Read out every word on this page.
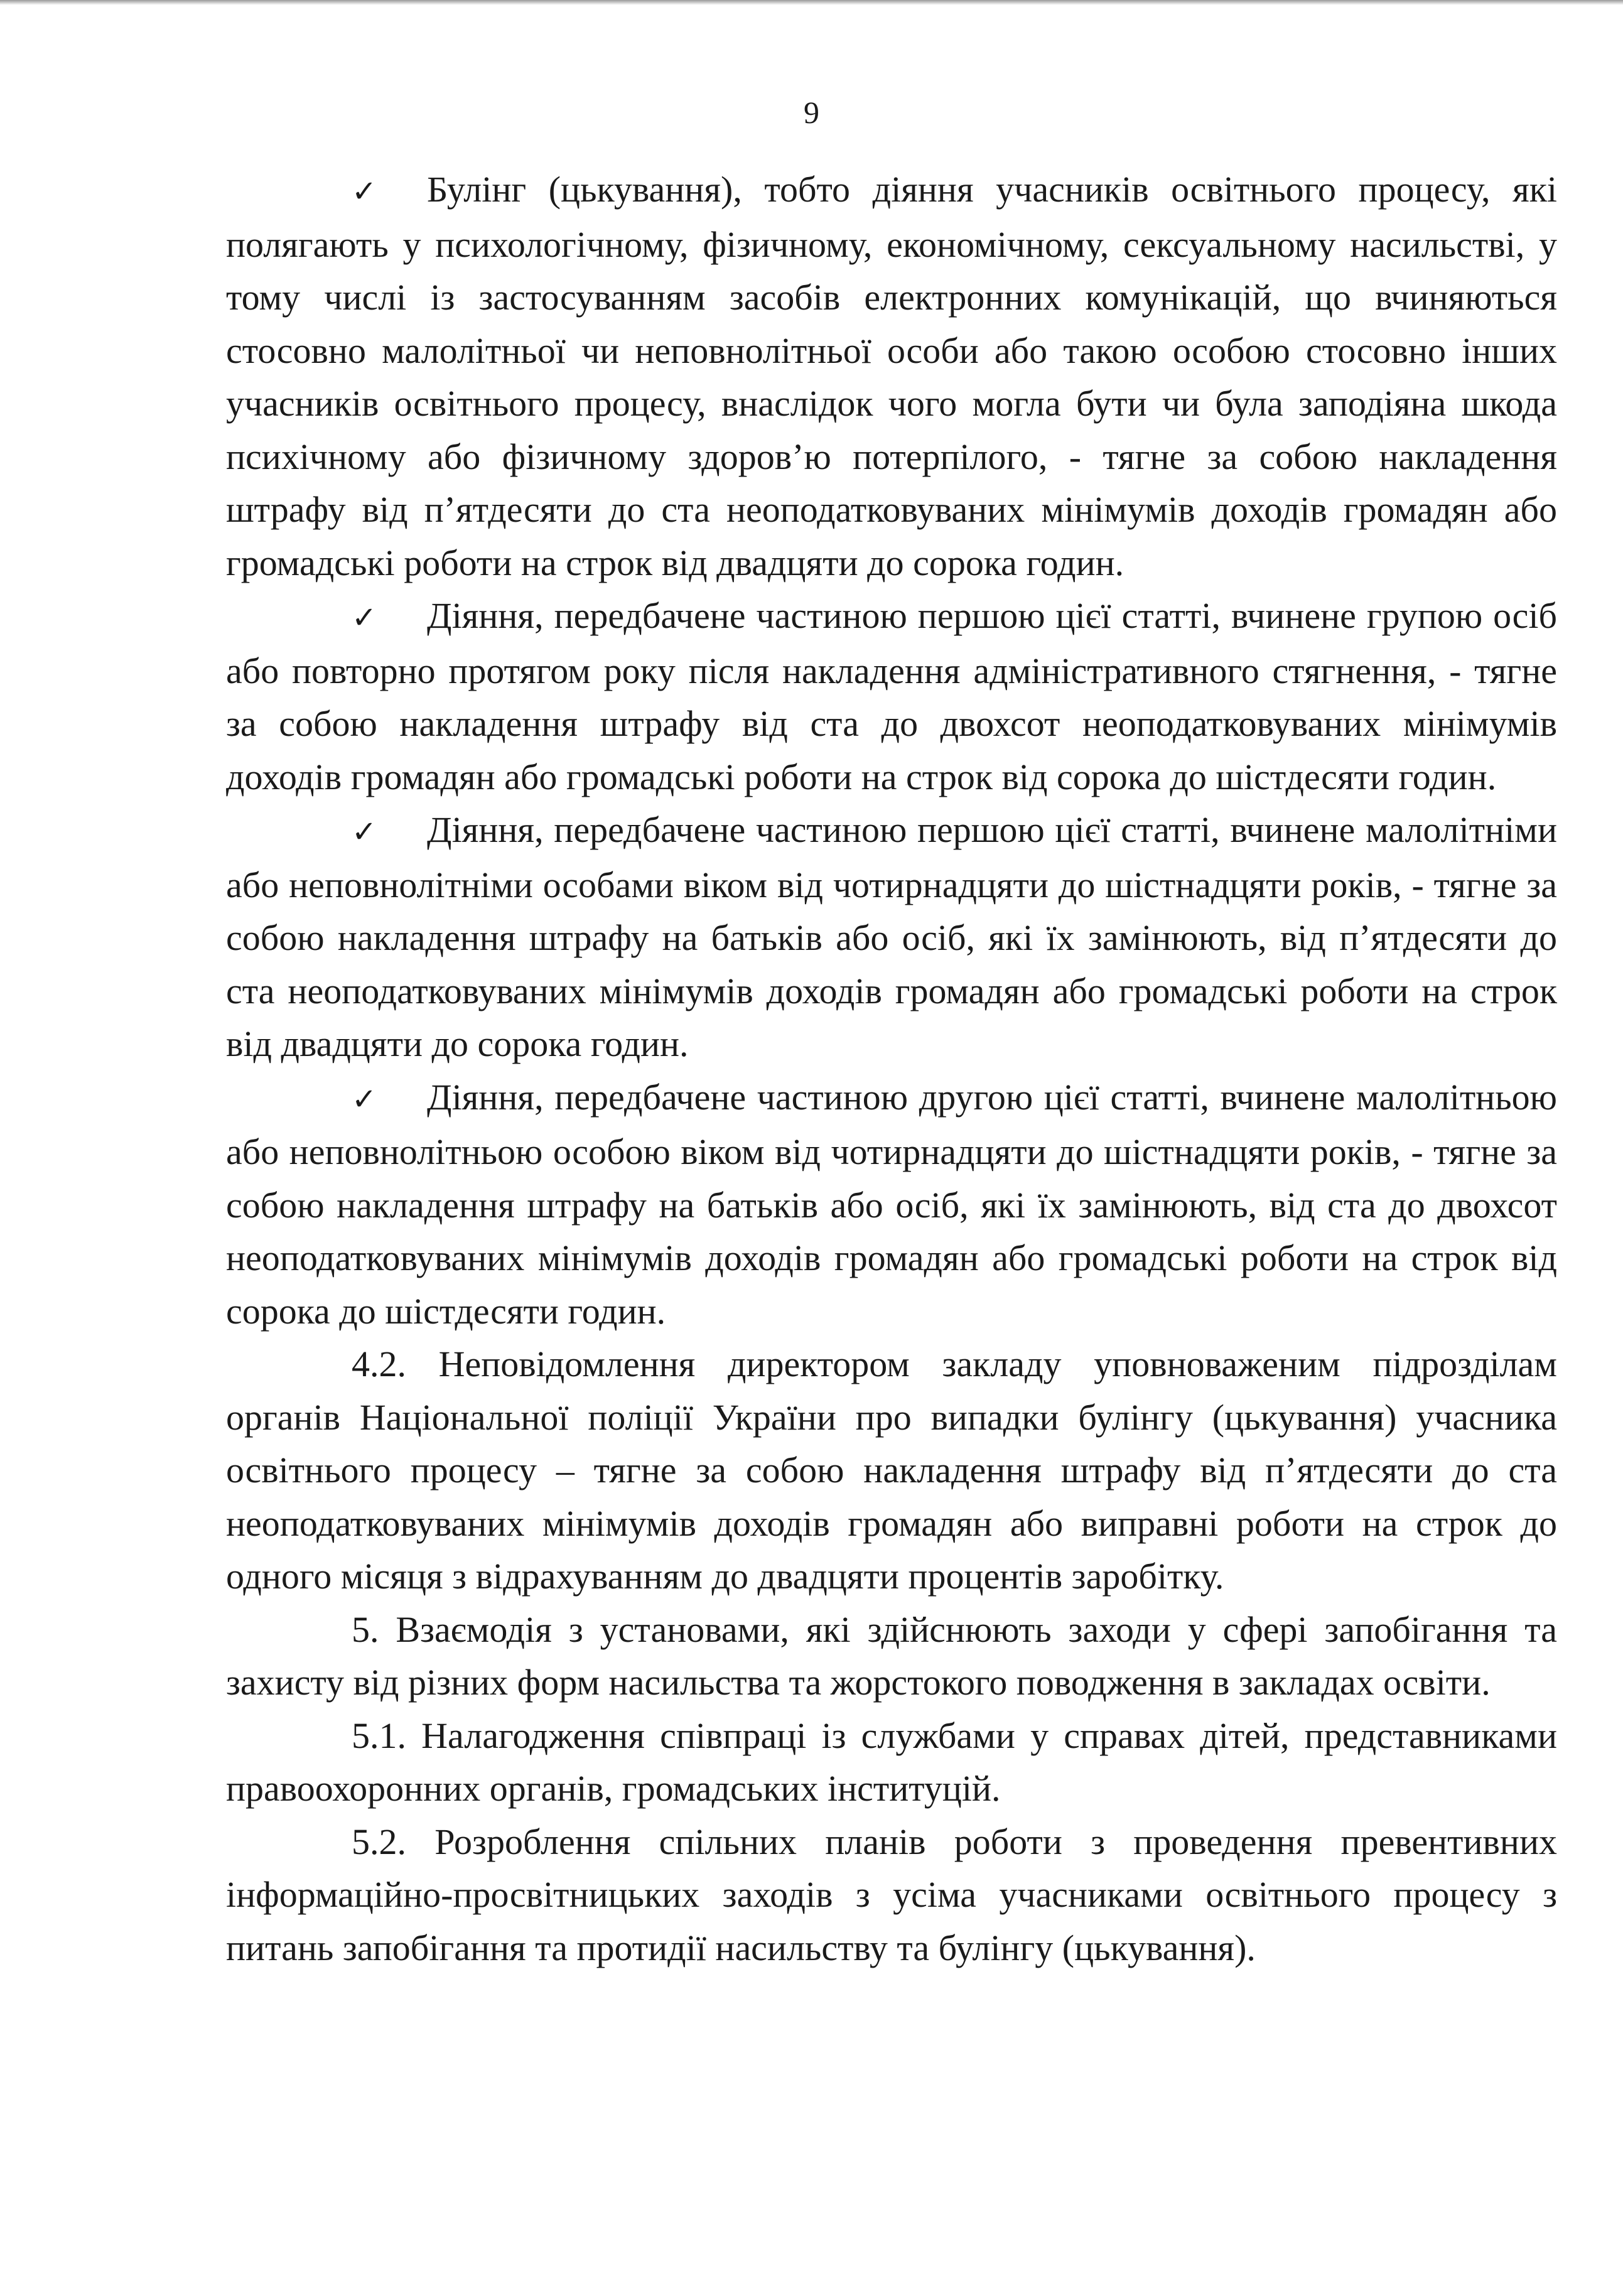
9

✓ Булінг (цькування), тобто діяння учасників освітнього процесу, які полягають у психологічному, фізичному, економічному, сексуальному насильстві, у тому числі із застосуванням засобів електронних комунікацій, що вчиняються стосовно малолітньої чи неповнолітньої особи або такою особою стосовно інших учасників освітнього процесу, внаслідок чого могла бути чи була заподіяна шкода психічному або фізичному здоров’ю потерпілого, - тягне за собою накладення штрафу від п’ятдесяти до ста неоподатковуваних мінімумів доходів громадян або громадські роботи на строк від двадцяти до сорока годин.

✓ Діяння, передбачене частиною першою цієї статті, вчинене групою осіб або повторно протягом року після накладення адміністративного стягнення, - тягне за собою накладення штрафу від ста до двохсот неоподатковуваних мінімумів доходів громадян або громадські роботи на строк від сорока до шістдесяти годин.

✓ Діяння, передбачене частиною першою цієї статті, вчинене малолітніми або неповнолітніми особами віком від чотирнадцяти до шістнадцяти років, - тягне за собою накладення штрафу на батьків або осіб, які їх замінюють, від п’ятдесяти до ста неоподатковуваних мінімумів доходів громадян або громадські роботи на строк від двадцяти до сорока годин.

✓ Діяння, передбачене частиною другою цієї статті, вчинене малолітньою або неповнолітньою особою віком від чотирнадцяти до шістнадцяти років, - тягне за собою накладення штрафу на батьків або осіб, які їх замінюють, від ста до двохсот неоподатковуваних мінімумів доходів громадян або громадські роботи на строк від сорока до шістдесяти годин.

4.2. Неповідомлення директором закладу уповноваженим підрозділам органів Національної поліції України про випадки булінгу (цькування) учасника освітнього процесу – тягне за собою накладення штрафу від п’ятдесяти до ста неоподатковуваних мінімумів доходів громадян або виправні роботи на строк до одного місяця з відрахуванням до двадцяти процентів заробітку.

5. Взаємодія з установами, які здійснюють заходи у сфері запобігання та захисту від різних форм насильства та жорстокого поводження в закладах освіти.

5.1. Налагодження співпраці із службами у справах дітей, представниками правоохоронних органів, громадських інституцій.

5.2. Розроблення спільних планів роботи з проведення превентивних інформаційно-просвітницьких заходів з усіма учасниками освітнього процесу з питань запобігання та протидії насильству та булінгу (цькування).
